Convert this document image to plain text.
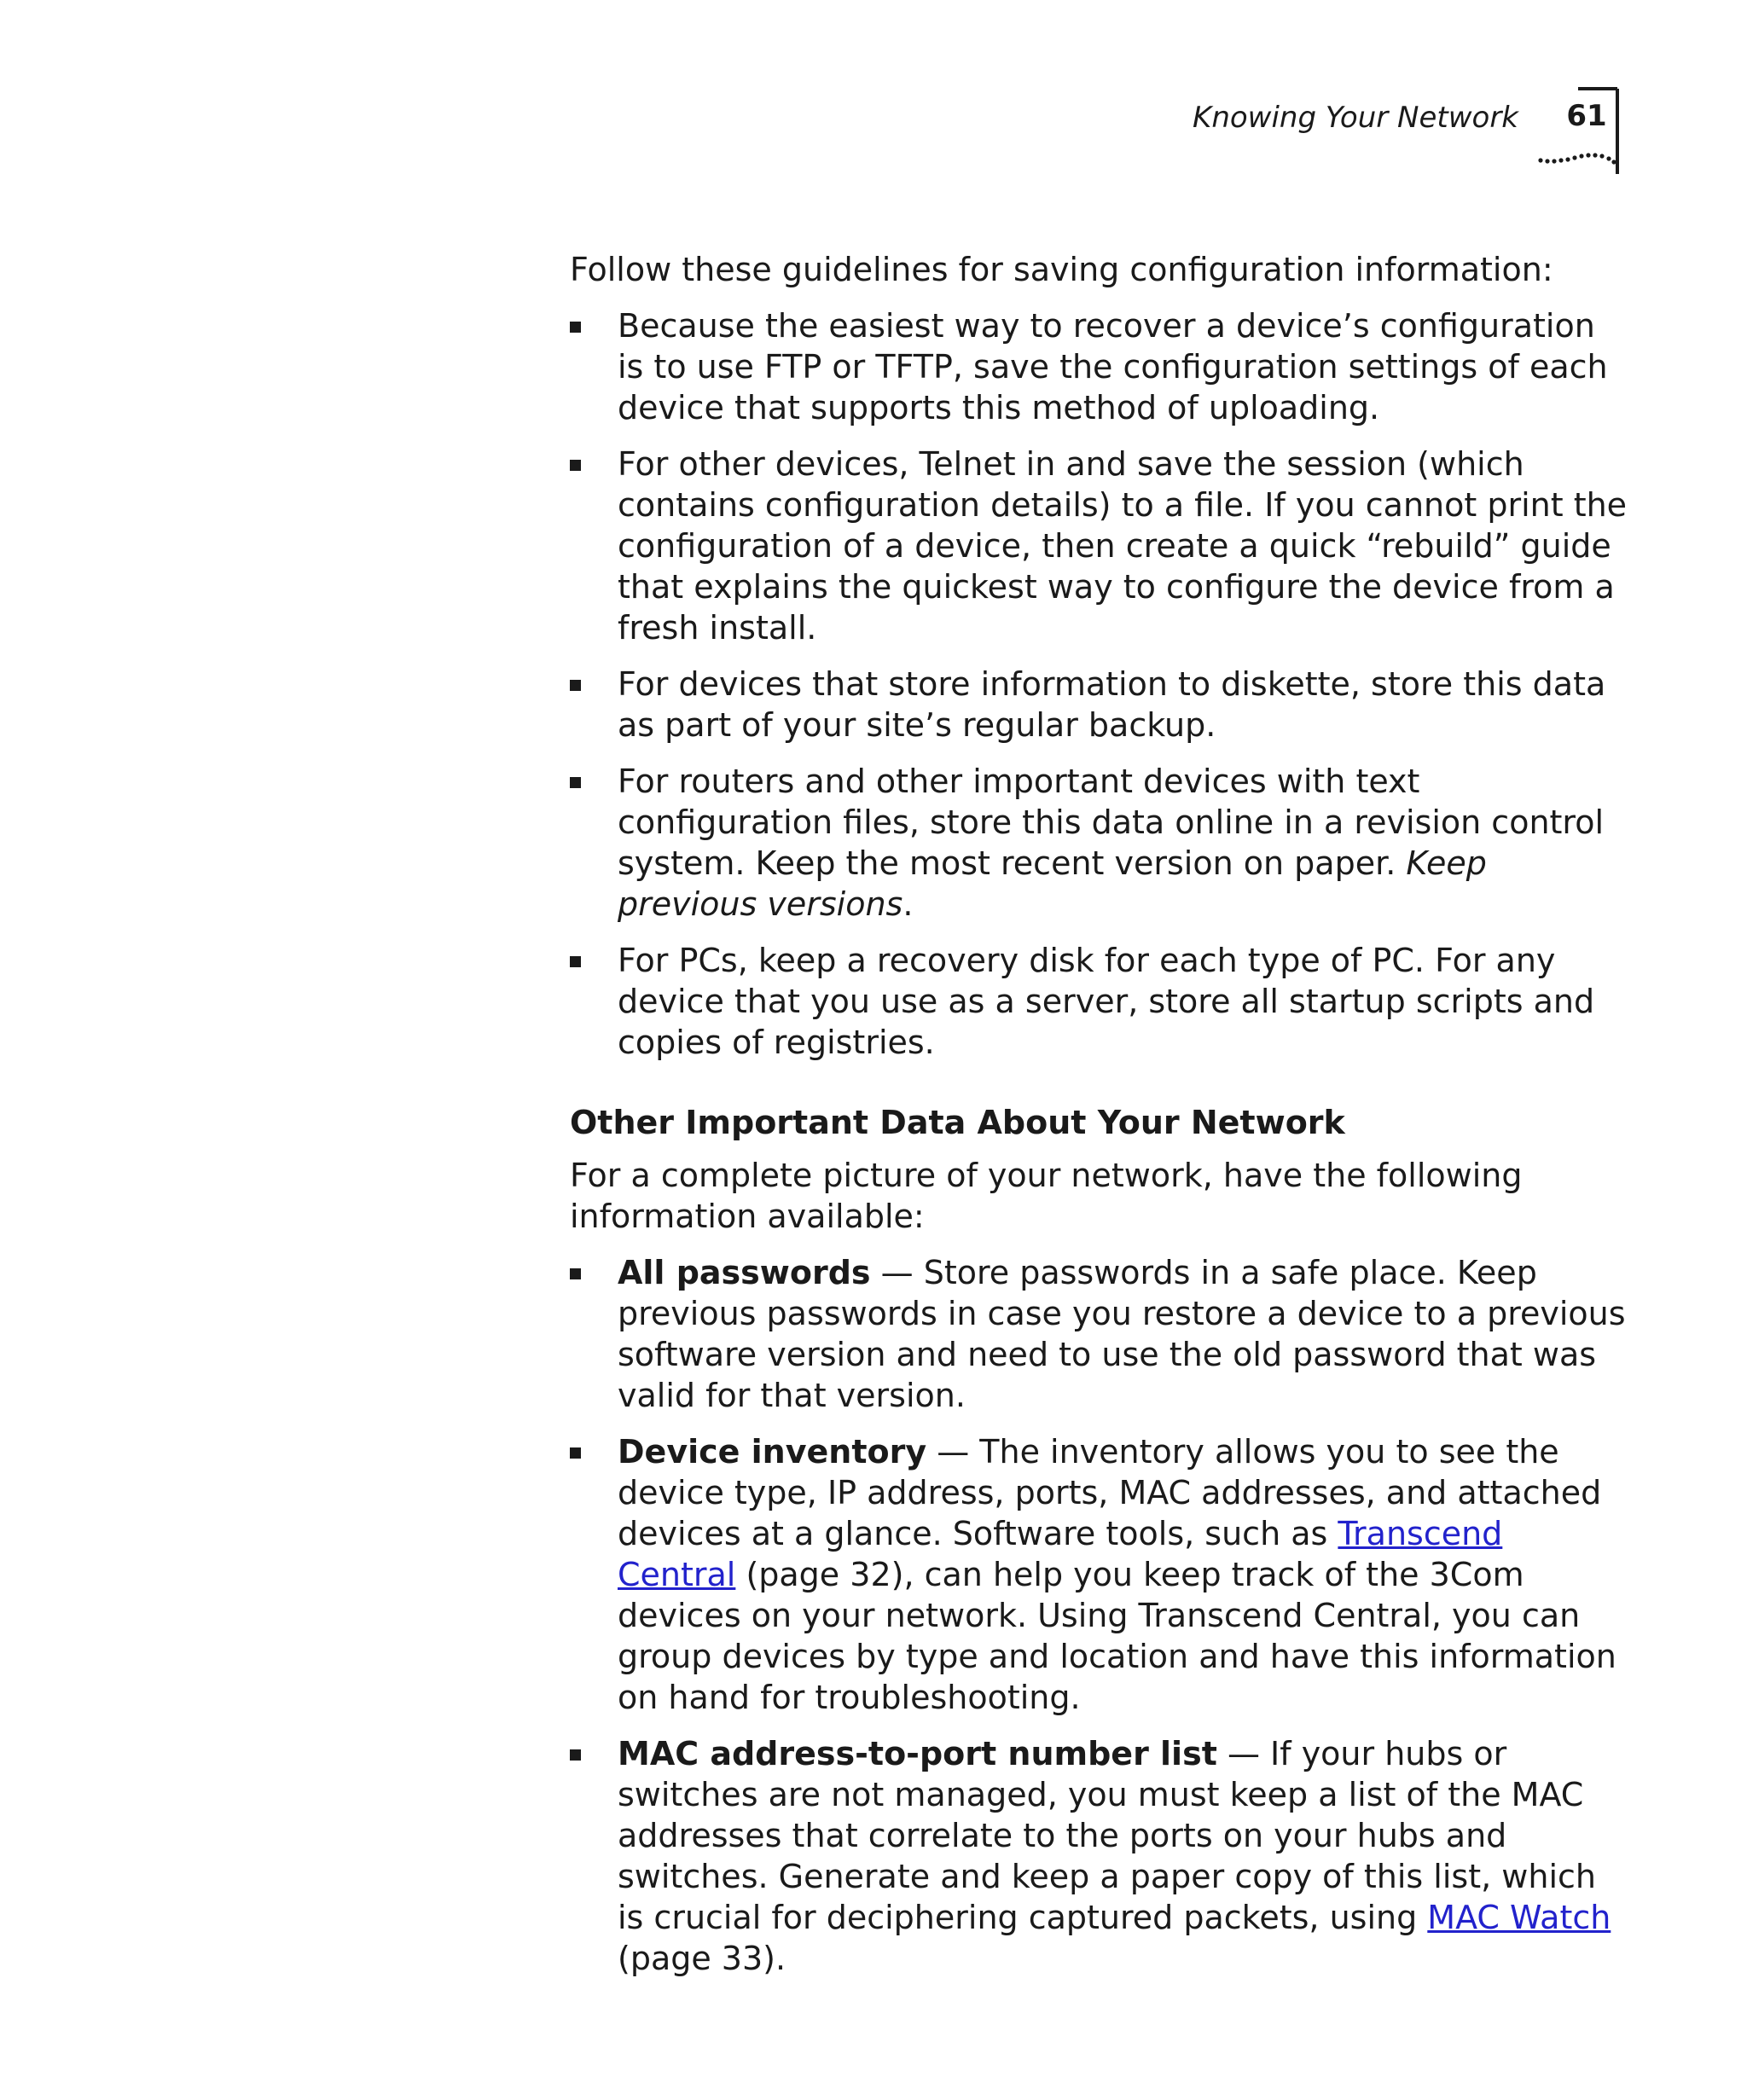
Knowing Your Network	61

Follow these guidelines for saving configuration information:

Because the easiest way to recover a device’s configuration is to use FTP or TFTP, save the configuration settings of each device that supports this method of uploading.
For other devices, Telnet in and save the session (which contains configuration details) to a file. If you cannot print the configuration of a device, then create a quick “rebuild” guide that explains the quickest way to configure the device from a fresh install.
For devices that store information to diskette, store this data as part of your site’s regular backup.
For routers and other important devices with text configuration files, store this data online in a revision control system. Keep the most recent version on paper. Keep previous versions.
For PCs, keep a recovery disk for each type of PC. For any device that you use as a server, store all startup scripts and copies of registries.
Other Important Data About Your Network

For a complete picture of your network, have the following information available:

All passwords — Store passwords in a safe place. Keep previous passwords in case you restore a device to a previous software version and need to use the old password that was valid for that version.
Device inventory — The inventory allows you to see the device type, IP address, ports, MAC addresses, and attached devices at a glance. Software tools, such as Transcend Central (page 32), can help you keep track of the 3Com devices on your network. Using Transcend Central, you can group devices by type and location and have this information on hand for troubleshooting.
MAC address-to-port number list — If your hubs or switches are not managed, you must keep a list of the MAC addresses that correlate to the ports on your hubs and switches. Generate and keep a paper copy of this list, which is crucial for deciphering captured packets, using MAC Watch (page 33).
